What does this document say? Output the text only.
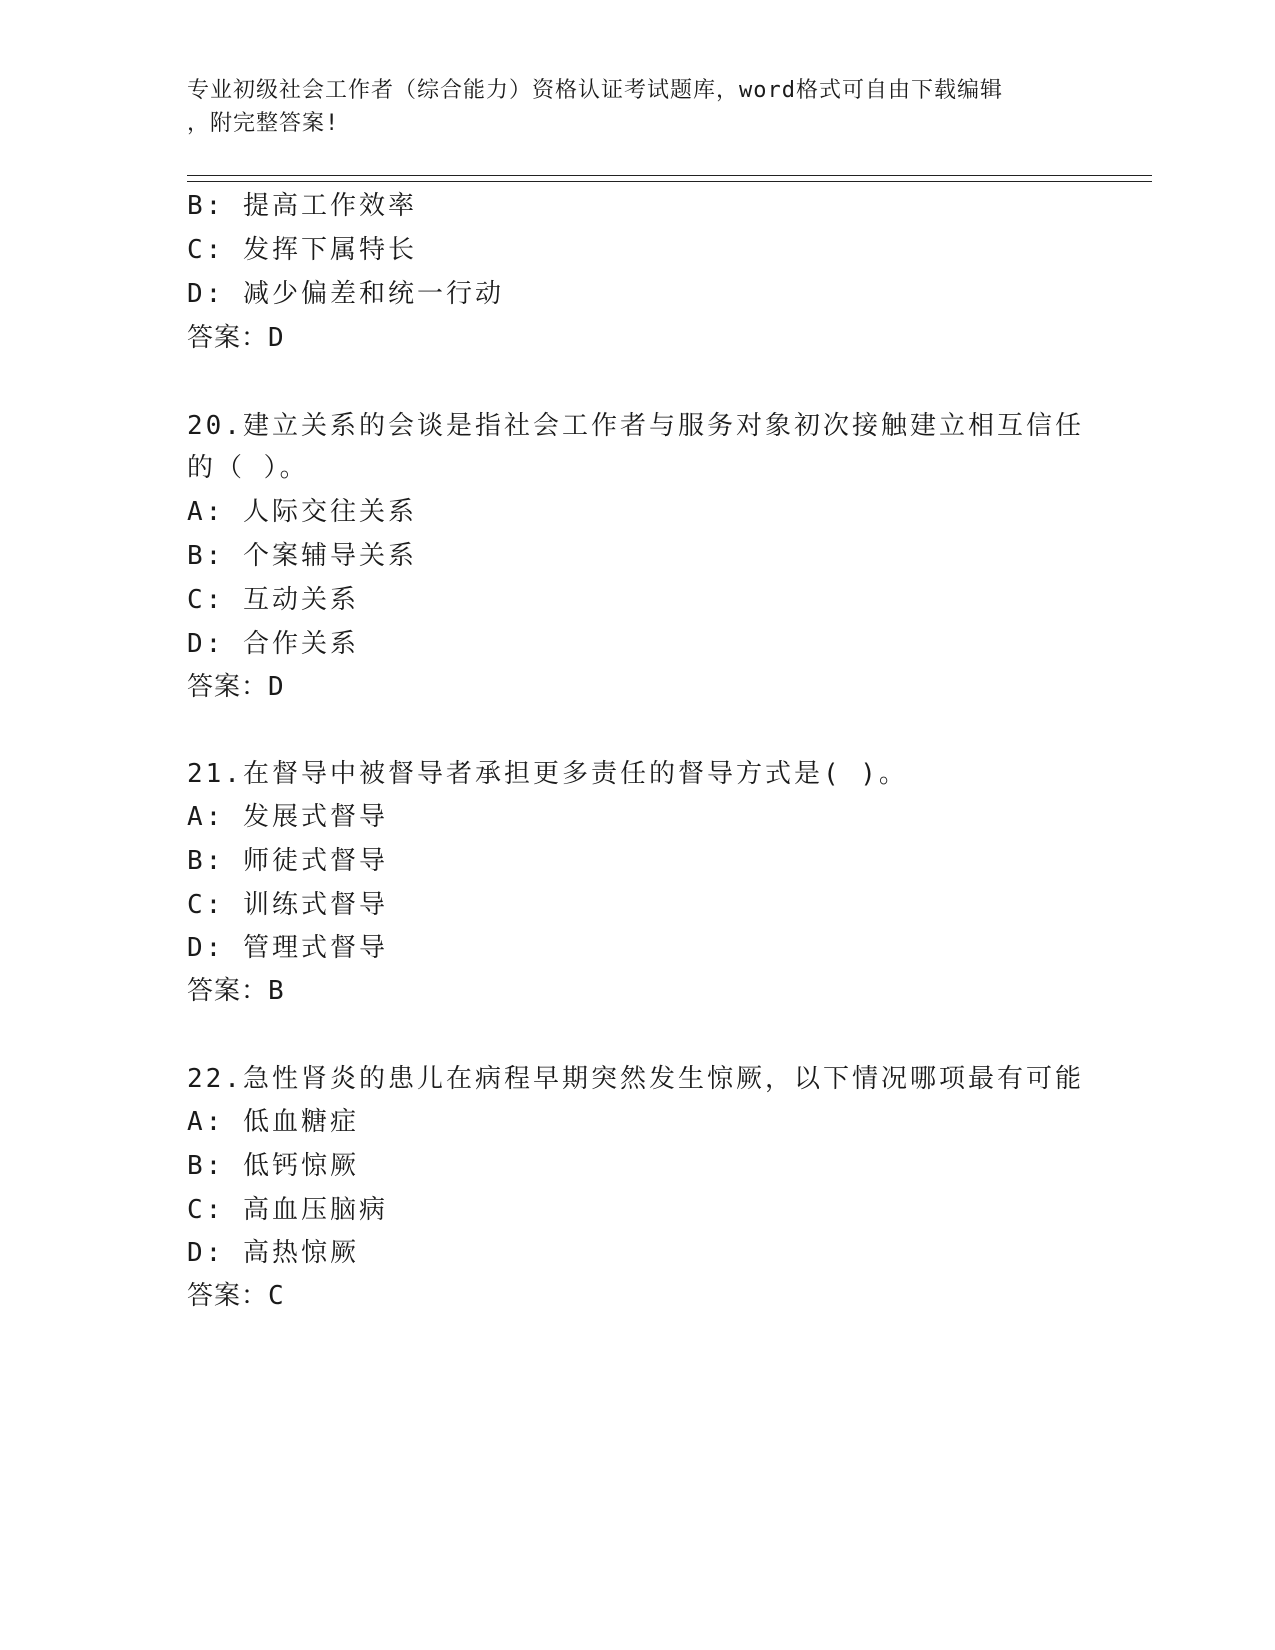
专业初级社会工作者（综合能力）资格认证考试题库，word格式可自由下载编辑
，附完整答案!
B: 提高工作效率
C: 发挥下属特长
D: 减少偏差和统一行动
答案：D
20.建立关系的会谈是指社会工作者与服务对象初次接触建立相互信任
的（ ）。
A: 人际交往关系
B: 个案辅导关系
C: 互动关系
D: 合作关系
答案：D
21.在督导中被督导者承担更多责任的督导方式是( )。
A: 发展式督导
B: 师徒式督导
C: 训练式督导
D: 管理式督导
答案：B
22.急性肾炎的患儿在病程早期突然发生惊厥，以下情况哪项最有可能
A: 低血糖症
B: 低钙惊厥
C: 高血压脑病
D: 高热惊厥
答案：C
